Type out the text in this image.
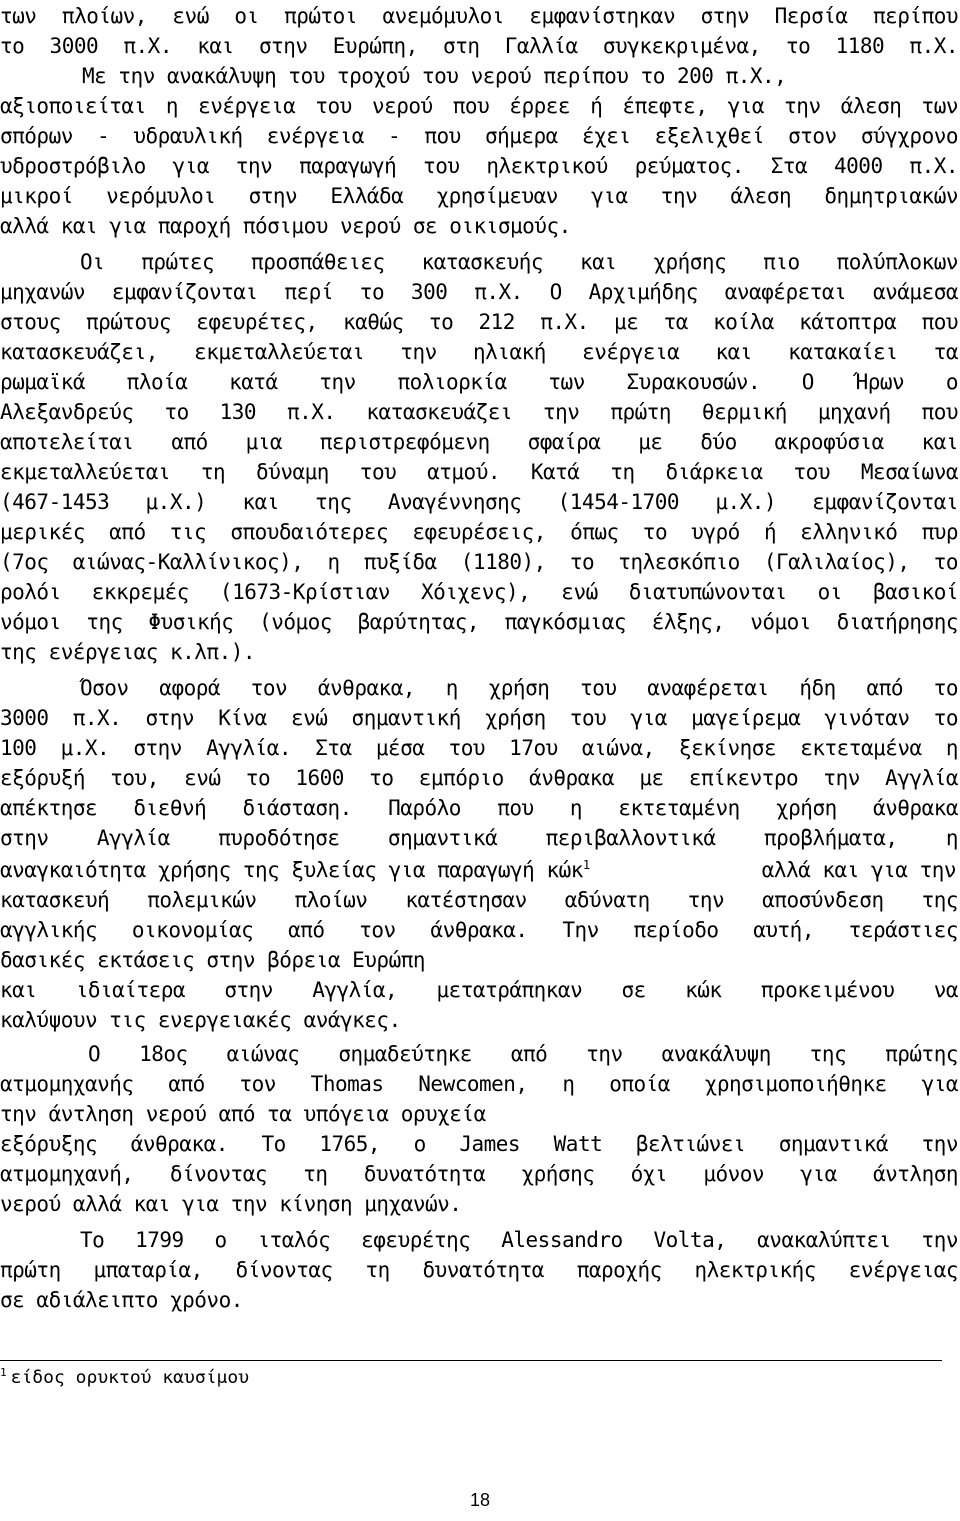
των πλοίων, ενώ οι πρώτοι ανεμόμυλοι εμφανίστηκαν στην Περσία περίπου
το 3000 π.Χ. και στην Ευρώπη, στη Γαλλία συγκεκριμένα, το 1180 π.Χ.
Με την ανακάλυψη του τροχού του νερού περίπου το 200 π.Χ.,
αξιοποιείται η ενέργεια του νερού που έρρεε ή έπεφτε, για την άλεση των
σπόρων - υδραυλική ενέργεια - που σήμερα έχει εξελιχθεί στον σύγχρονο
υδροστρόβιλο για την παραγωγή του ηλεκτρικού ρεύματος. Στα 4000 π.Χ.
μικροί νερόμυλοι στην Ελλάδα χρησίμευαν για την άλεση δημητριακών
αλλά και για παροχή πόσιμου νερού σε οικισμούς.
Οι πρώτες προσπάθειες κατασκευής και χρήσης πιο πολύπλοκων
μηχανών εμφανίζονται περί το 300 π.Χ. Ο Αρχιμήδης αναφέρεται ανάμεσα
στους πρώτους εφευρέτες, καθώς το 212 π.Χ. με τα κοίλα κάτοπτρα που
κατασκευάζει, εκμεταλλεύεται την ηλιακή ενέργεια και κατακαίει τα
ρωμαϊκά πλοία κατά την πολιορκία των Συρακουσών. Ο Ήρων ο
Αλεξανδρεύς το 130 π.Χ. κατασκευάζει την πρώτη θερμική μηχανή που
αποτελείται από μια περιστρεφόμενη σφαίρα με δύο ακροφύσια και
εκμεταλλεύεται τη δύναμη του ατμού. Κατά τη διάρκεια του Μεσαίωνα
(467-1453 μ.Χ.) και της Αναγέννησης (1454-1700 μ.Χ.) εμφανίζονται
μερικές από τις σπουδαιότερες εφευρέσεις, όπως το υγρό ή ελληνικό πυρ
(7ος αιώνας-Καλλίνικος), η πυξίδα (1180), το τηλεσκόπιο (Γαλιλαίος), το
ρολόι εκκρεμές (1673-Κρίστιαν Χόιχενς), ενώ διατυπώνονται οι βασικοί
νόμοι της Φυσικής (νόμος βαρύτητας, παγκόσμιας έλξης, νόμοι διατήρησης
της ενέργειας κ.λπ.).
Όσον αφορά τον άνθρακα, η χρήση του αναφέρεται ήδη από το
3000 π.Χ. στην Κίνα ενώ σημαντική χρήση του για μαγείρεμα γινόταν το
100 μ.Χ. στην Αγγλία. Στα μέσα του 17ου αιώνα, ξεκίνησε εκτεταμένα η
εξόρυξή του, ενώ το 1600 το εμπόριο άνθρακα με επίκεντρο την Αγγλία
απέκτησε διεθνή διάσταση. Παρόλο που η εκτεταμένη χρήση άνθρακα
στην Αγγλία πυροδότησε σημαντικά περιβαλλοντικά προβλήματα, η
αναγκαιότητα χρήσης της ξυλείας για παραγωγή κώκ$^1$	αλλά και για την
κατασκευή πολεμικών πλοίων κατέστησαν αδύνατη την αποσύνδεση της
αγγλικής οικονομίας από τον άνθρακα. Την περίοδο αυτή, τεράστιες
δασικές εκτάσεις στην βόρεια Ευρώπη
και ιδιαίτερα στην Αγγλία, μετατράπηκαν σε κώκ προκειμένου να
καλύψουν τις ενεργειακές ανάγκες.
Ο 18ος αιώνας σημαδεύτηκε από την ανακάλυψη της πρώτης
ατμομηχανής από τον Thomas Newcomen, η οποία χρησιμοποιήθηκε για
την άντληση νερού από τα υπόγεια ορυχεία
εξόρυξης άνθρακα. Το 1765, ο James Watt βελτιώνει σημαντικά την
ατμομηχανή, δίνοντας τη δυνατότητα χρήσης όχι μόνον για άντληση
νερού αλλά και για την κίνηση μηχανών.
Το 1799 ο ιταλός εφευρέτης Alessandro Volta, ανακαλύπτει την
πρώτη μπαταρία, δίνοντας τη δυνατότητα παροχής ηλεκτρικής ενέργειας
σε αδιάλειπτο χρόνο.
$^1$ είδος ορυκτού καυσίμου
18
